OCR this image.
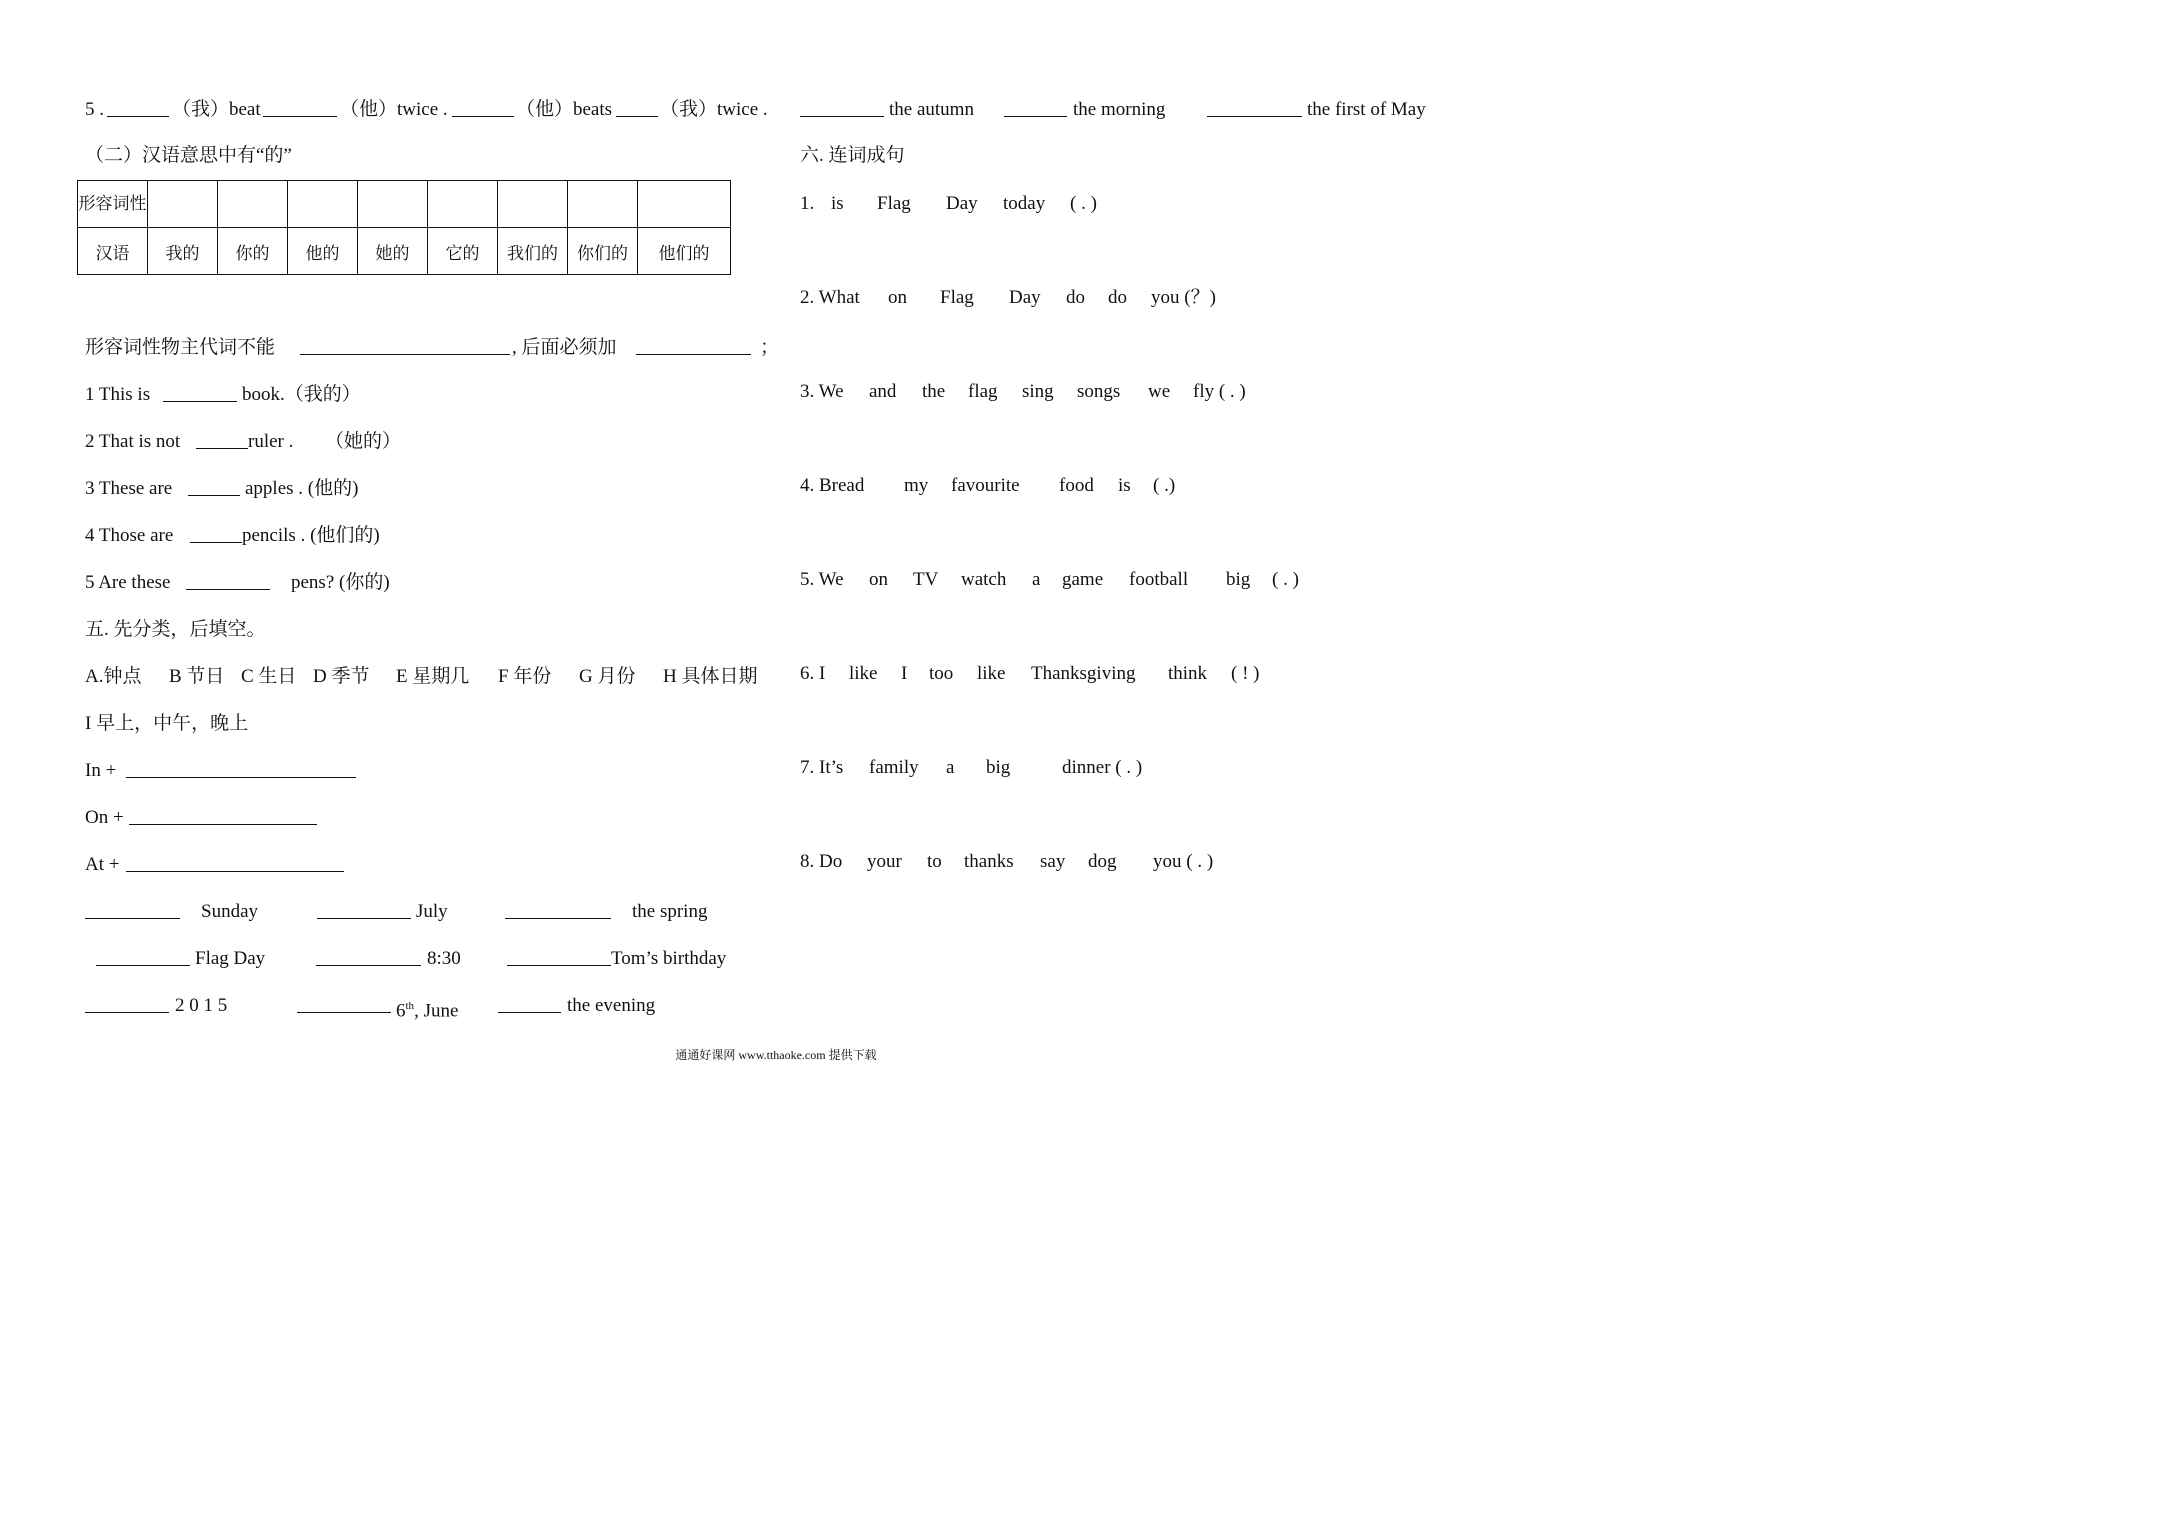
5 .	（我）beat	（他）twice .	（他）beats	（我）twice .
（二）汉语意思中有“的”
形容词性								
汉语	我的	你的	他的	她的	它的	我们的	你们的	他们的
形容词性物主代词不能	, 后面必须加	；
1 This is	book.（我的）
2 That is not	ruler . （她的）
3 These are	apples . (他的)
4 Those are	pencils . (他们的)
5 Are these	pens? (你的)
五. 先分类，后填空。
A.钟点 B 节日 C 生日 D 季节 E 星期几 F 年份 G 月份 H 具体日期
I 早上，中午，晚上
In +
On +
At +
Sunday	July	the spring
Flag Day	8:30	Tom’s birthday
2 0 1 5	6th, June	the evening
the autumn	the morning	the first of May
六. 连词成句
1. is Flag Day today ( . )
2. What on Flag Day do do you (？)
3. We and the flag sing songs we fly ( . )
4. Bread my favourite food is ( .)
5. We on TV watch a game football big ( . )
6. I like I too like Thanksgiving think ( ! )
7. It’s family a big	dinner ( . )
8. Do your to thanks say dog you ( . )
通通好课网 www.tthaoke.com 提供下载
